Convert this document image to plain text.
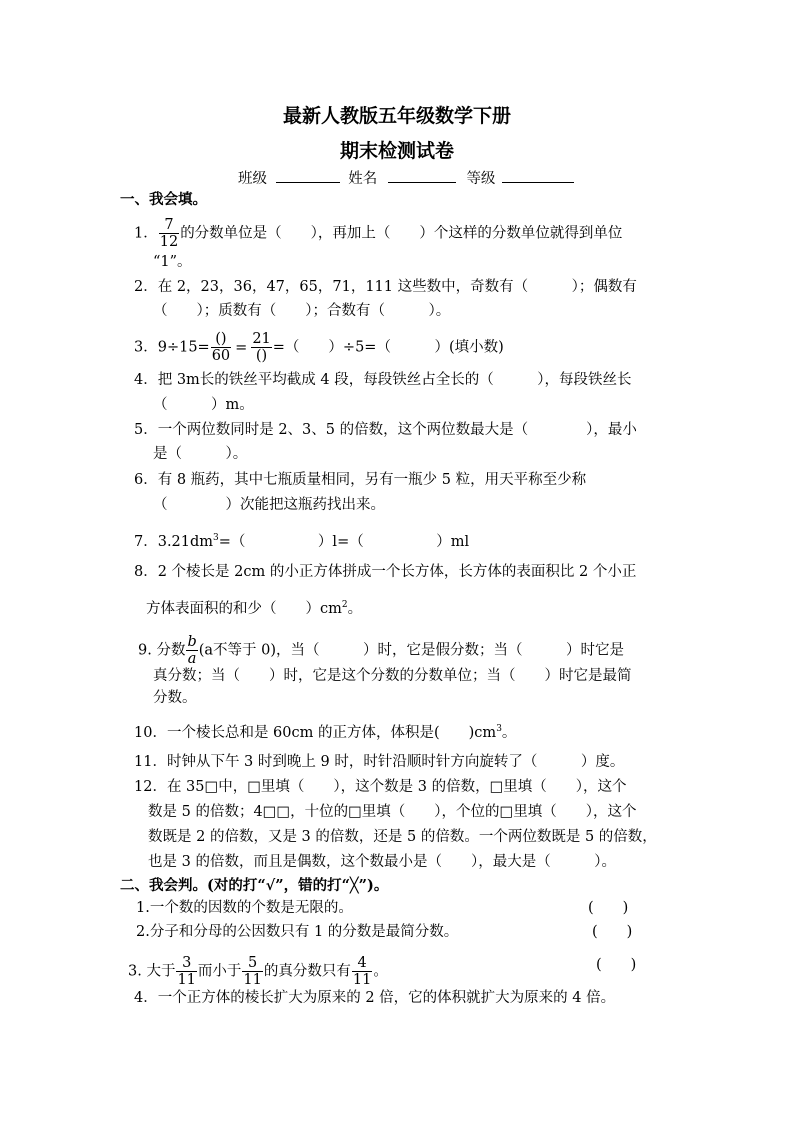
最新人教版五年级数学下册
期末检测试卷
班级	姓名	等级
一、我会填。
1． $\frac{7}{12}$ 的分数单位是（　　），再加上（　　）个这样的分数单位就得到单位
“1”。
2．在 2，23，36，47，65，71，111 这些数中，奇数有（　　　）；偶数有
（　　）；质数有（　　）；合数有（　　　）。
3．$9\div 15= \frac{()}{60} = \frac{21}{()}$ =（　　）÷5=（　　　）(填小数)
4．把 3m长的铁丝平均截成 4 段，每段铁丝占全长的（　　　），每段铁丝长
（　　　）m。
5．一个两位数同时是 2、3、5 的倍数，这个两位数最大是（　　　　），最小
是（　　　）。
6．有 8 瓶药，其中七瓶质量相同，另有一瓶少 5 粒，用天平称至少称
（　　　　）次能把这瓶药找出来。
7．$3.21dm^3=$（　　　　　）l=（　　　　　）ml
8．2 个棱长是 2cm 的小正方体拼成一个长方体，长方体的表面积比 2 个小正
方体表面积的和少（　　）$cm^2$。
9. 分数 $\frac{b}{a} (a$不等于 0)，当（　　　）时，它是假分数；当（　　　）时它是
真分数；当（　　）时，它是这个分数的分数单位；当（　　）时它是最简
分数。
10．一个棱长总和是 60cm 的正方体，体积是(　　)$cm^3$。
11．时钟从下午 3 时到晚上 9 时，时针沿顺时针方向旋转了（　　　）度。
12．在 35□中，□里填（　　），这个数是 3 的倍数，□里填（　　），这个
数是 5 的倍数；4□□，十位的□里填（　　），个位的□里填（　　），这个
数既是 2 的倍数，又是 3 的倍数，还是 5 的倍数。一个两位数既是 5 的倍数，
也是 3 的倍数，而且是偶数，这个数最小是（　　），最大是（　　　）。
二、我会判。(对的打“√”，错的打“╳”)。
1.一个数的因数的个数是无限的。	(　　)
2.分子和分母的公因数只有 1 的分数是最简分数。	(　　)
3. 大于 $\frac{3}{11}$ 而小于 $\frac{5}{11}$ 的真分数只有 $\frac{4}{11}$ 。	(　　)
4．一个正方体的棱长扩大为原来的 2 倍，它的体积就扩大为原来的 4 倍。
